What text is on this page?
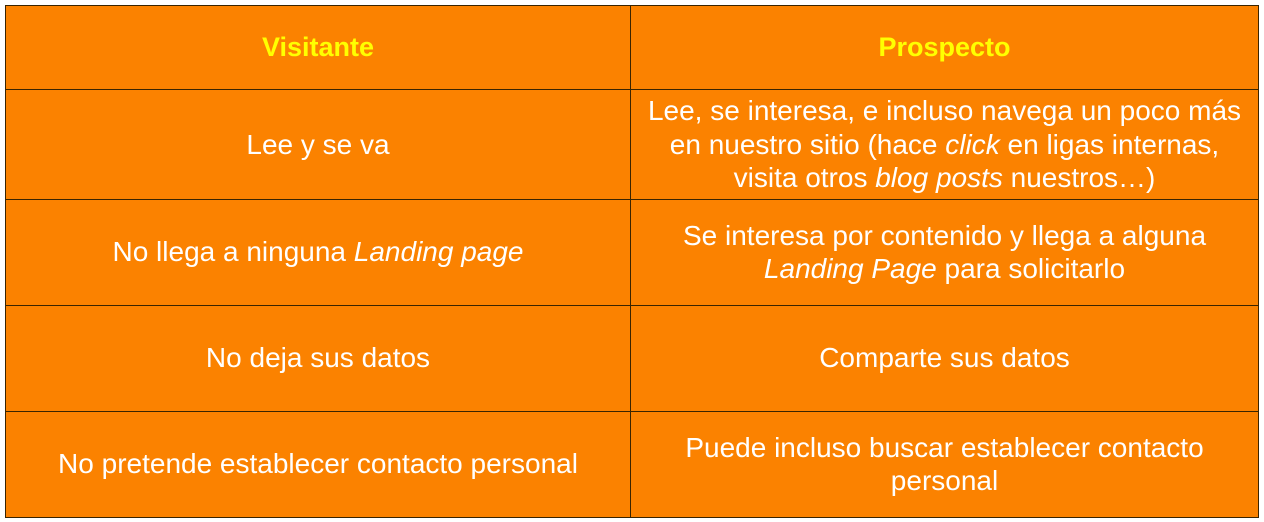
Visitante	Prospecto
Lee y se va	Lee, se interesa, e incluso navega un poco más en nuestro sitio (hace click en ligas internas, visita otros blog posts nuestros…)
No llega a ninguna Landing page	Se interesa por contenido y llega a alguna Landing Page para solicitarlo
No deja sus datos	Comparte sus datos
No pretende establecer contacto personal	Puede incluso buscar establecer contacto personal
